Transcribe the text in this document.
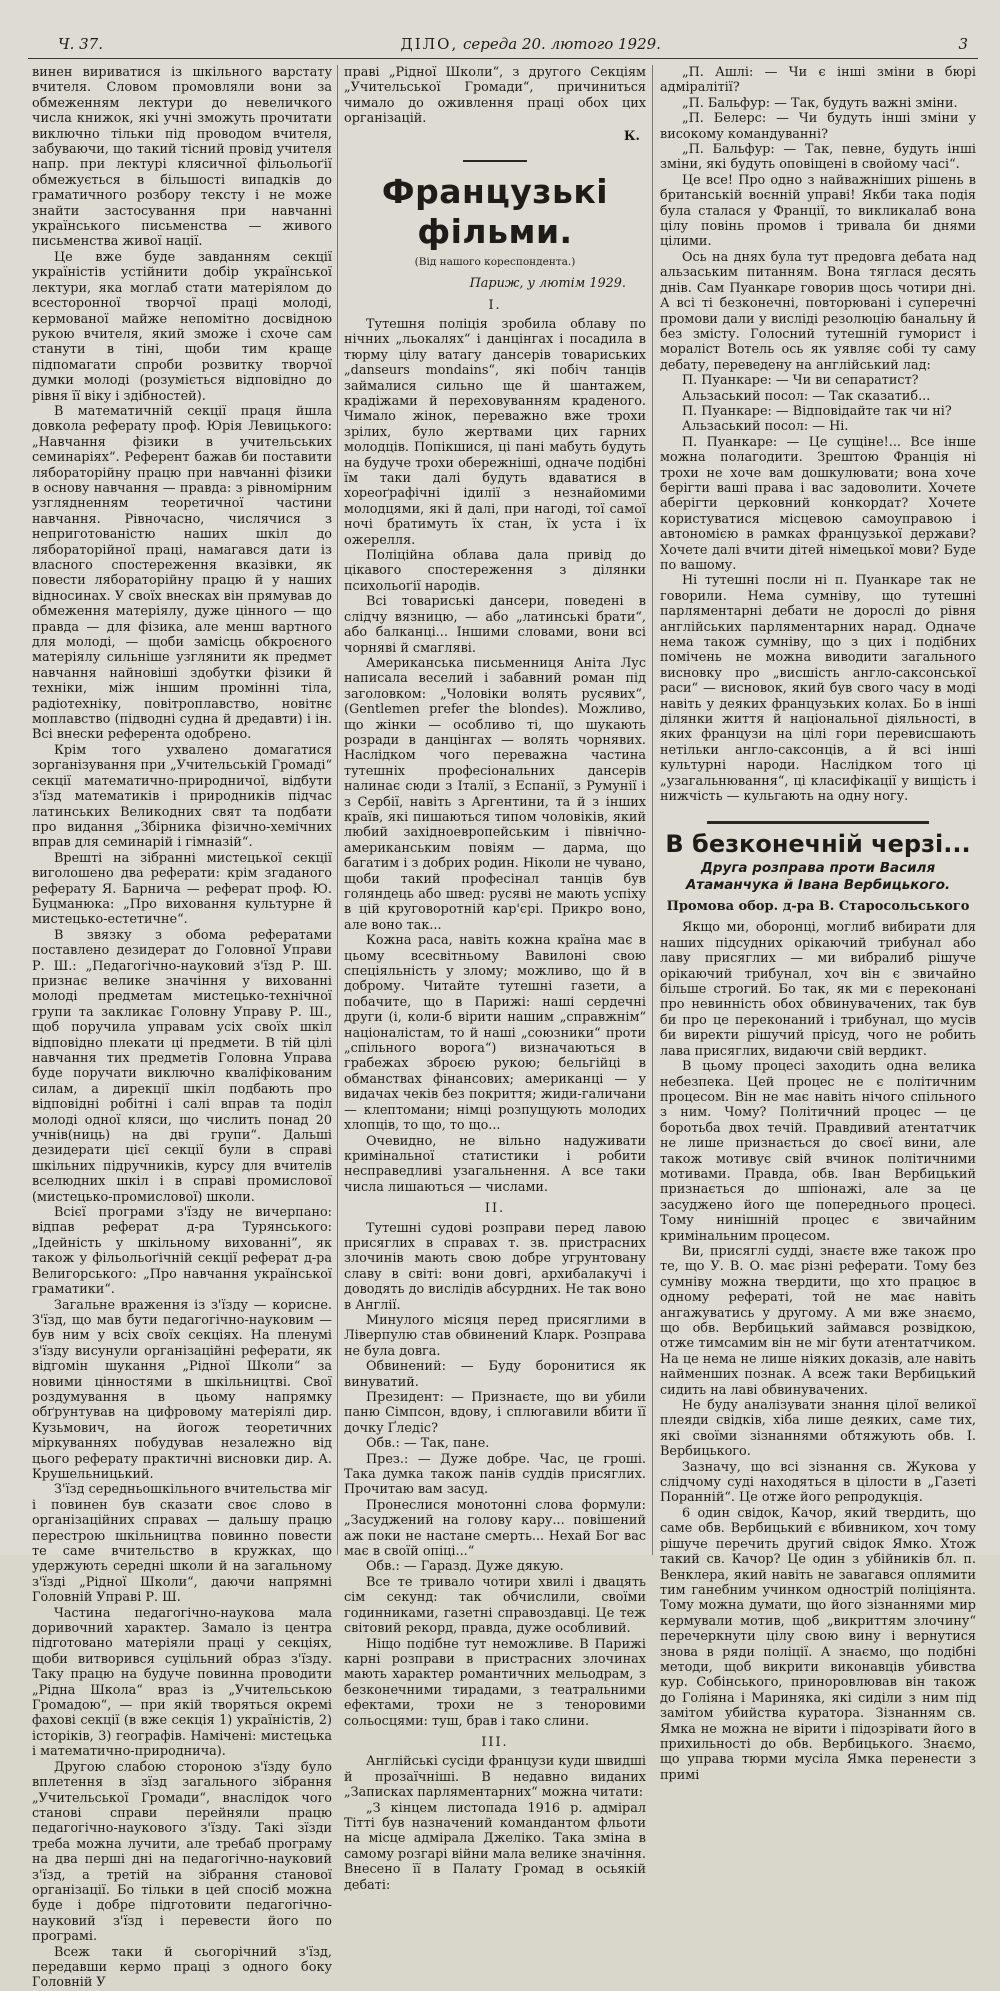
Ч. 37.	ДІЛО, середа 20. лютого 1929.	3

винен вириватися із шкільного варстату вчителя. Словом промовляли вони за обмеженням лектури до невеличкого числа книжок, які учні зможуть прочитати виключно тільки під проводом вчителя, забуваючи, що такий тісний провід учителя напр. при лектурі клясичної фільольоґії обмежується в більшості випадків до граматичного розбору тексту і не може знайти застосування при навчанні українського письменства — живого письменства живої нації.

Це вже буде завданням секції україністів устійнити добір української лектури, яка моглаб стати матеріялом до всесторонної творчої праці молоді, кермованої майже непомітно досвідною рукою вчителя, який зможе і схоче сам станути в тіні, щоби тим краще підпомагати спроби розвитку творчої думки молоді (розуміється відповідно до рівня її віку і здібностей).

В математичній секції праця йшла довкола реферату проф. Юрія Левицького: „Навчання фізики в учительських семинаріях“. Референт бажав би поставити ляборaторійну працю при навчанні фізики в основу навчання — правда: з рівномірним узглядненням теоретичної частини навчання. Рівночасно, числячися з неприготованістю наших шкіл до ляборaторійної праці, намагався дати із власного спостереження вказівки, як повести ляборaторійну працю й у наших відносинах. У своїх внесках він прямував до обмеження матеріялу, дуже цінного — що правда — для фізика, але менш вартного для молоді, — щоби замісць обкроєного матеріялу сильніше узглянити як предмет навчання найновіші здобутки фізики й техніки, між іншим промінні тіла, радіотехніку, повітроплавство, новітнє моплавство (підводні судна й дредавти) і ін. Всі внески референта одобрено.

Крім того ухвалено домагатися зорганізування при „Учительській Громаді“ секції математично-природничої, відбути з'їзд математиків і природників підчас латинських Великодних свят та подбати про видання „Збірника фізично-хемічних вправ для семинарій і гімназій“.

Врешті на зібранні мистецької секції виголошено два реферати: крім згаданого реферату Я. Барнича — реферат проф. Ю. Буцманюка: „Про виховання культурне й мистецько-естетичне“.

В звязку з обома рефератами поставлено дезидерат до Головної Управи Р. Ш.: „Педагогічно-науковий з'їзд Р. Ш. признає велике значіння у вихованні молоді предметам мистецько-технічної групи та закликає Головну Управу Р. Ш., щоб поручила управам усіх своїх шкіл відповідно плекати ці предмети. В тій цілі навчання тих предметів Головна Управа буде поручати виключно кваліфікованим силам, а дирекції шкіл подбають про відповідні робітні і салі вправ та поділ молоді одної кляси, що числить понад 20 учнів(ниць) на дві групи“. Дальші дезидерати цієї секції були в справі шкільних підручників, курсу для вчителів вселюдних шкіл і в справі промислової (мистецько-промислової) школи.

Всієї програми з'їзду не вичерпано: відпав реферат д-ра Турянського: „Ідейність у шкільному вихованні“, як також у фільольоґічній секції реферат д-ра Велигорського: „Про навчання української граматики“.

Загальне враження із з'їзду — корисне. З'їзд, що мав бути педагогічно-науковим — був ним у всіх своїх секціях. На пленумі з'їзду висунули організаційні реферати, як відгомін шукання „Рідної Школи“ за новими цінностями в шкільництві. Свої роздумування в цьому напрямку обґрунтував на цифровому матеріялі дир. Кузьмович, на йогож теоретичних міркуваннях побудував незалежно від цього реферату практичні висновки дир. А. Крушельницький.

З'їзд середньошкільного вчительства міг і повинен був сказати своє слово в організаційних справах — дальшу працю перестрою шкільництва повинно повести те саме вчительство в кружках, що удержують середні школи й на загальному з'їзді „Рідної Школи“, даючи напрямні Головній Управі Р. Ш.

Частина педагогічно-наукова мала доривочний характер. Замало із центра підготовано матеріяли праці у секціях, щоби витворився суцільний образ з'їзду. Таку працю на будуче повинна проводити „Рідна Школа“ враз із „Учительською Громадою“, — при якій творяться окремі фахові секції (в вже секція 1) україністів, 2) історіків, 3) географів. Намічені: мистецька і математично-природнича).

Другою слабою стороною з'їзду було вплетення в зїзд загального зібрання „Учительської Громади“, внаслідок чого становi справи перейняли працю педагогічно-наукового з'їзду. Такі зїзди треба можна лучити, але требаб програму на два перші дні на педагогічно-науковий з'їзд, а третій на зібрання станової організації. Бо тільки в цей спосіб можна буде і добре підготовити педагогічно-науковий з'їзд і перевести його по програмі.

Всеж таки й сьогорічний з'їзд, передавши кермо праці з одного боку Головній У

праві „Рідної Школи“, з другого Секціям „Учительської Громади“, причиниться чимало до оживлення праці обох цих організацій.

К.
Французькі фільми.
(Від нашого кореспондента.)
Париж, у лютім 1929.
I.

Тутешня поліція зробила облаву по нічних „льокалях“ і данцінгах і посадила в тюрму цілу ватагу дансерів товариських „danseurs mondains“, які побіч танців займалися сильно ще й шантажем, крадіжами й переховуванням краденого. Чимало жінок, переважно вже трохи зрілих, було жертвами цих гарних молодців. Попікшися, ці пані мабуть будуть на будуче трохи обережніші, одначе подібні їм таки далі будуть вдаватися в хореоґрафічні ідилії з незнайомими молодцями, які й далі, при нагоді, тої самої ночі братимуть їх стан, їх уста і їх ожерелля.

Поліційна облава дала привід до цікавого спостереження з ділянки психольоґії народів.

Всі товариські дансери, поведені в слідчу вязницю, — або „латинські брати“, або балканці... Іншими словами, вони всі чорняві й смагляві.

Американська письменниця Аніта Лус написала веселий і забавний роман під заголовком: „Чоловіки волять русявих“, (Gentlemen prefer the blondes). Можливо, що жінки — особливо ті, що шукають розради в данцінгах — волять чорнявих. Наслідком чого переважна частина тутешніх професіональних дансерів налинає сюди з Італії, з Еспанії, з Румунії і з Сербії, навіть з Аргентини, та й з інших країв, які пишаються типом чоловіків, який любий західноевропейським і північно-американським повіям — дарма, що багатим і з добрих родин. Ніколи не чувано, щоби такий професінал танців був голяндець або швед: русяві не мають успіху в цій круговоротній кар'єрі. Прикро воно, але воно так...

Кожна раса, навіть кожна країна має в цьому всесвітньому Вавилоні свою спеціяльність у злому; можливо, що й в доброму. Читайте тутешні газети, а побачите, що в Парижі: наші сердечні други (і, коли-б вірити нашим „справжнім“ націоналістам, то й наші „союзники“ проти „спільного ворога“) визначаються в грабежах зброєю рукою; бельгійці в обманствах фінансових; американці — у видачах чеків без покриття; жиди-галичани — клептомани; німці розпущують молодих хлопців, то що, то що...

Очевидно, не вільно надуживати кримінальної статистики і робити несправедливі узагальнення. А все таки числа лишаються — числами.

II.

Тутешні судові розправи перед лавою присяглих в справах т. зв. пристрасних злочинів мають свою добре угрунтовану славу в світі: вони довгі, архибалакучі і доводять до вислідів абсурдних. Не так воно в Англії.

Минулого місяця перед присяглими в Ліверпулю став обвинений Кларк. Розправа не була довга.

Обвинений: — Буду боронитися як винуватий.

Президент: — Признаєте, що ви убили паню Сімпсон, вдову, і сплюгавили вбити її дочку Ґледіс?

Обв.: — Так, пане.

През.: — Дуже добре. Час, це гроші. Така думка також панів суддів присяглих. Прочитаю вам засуд.

Пронеслися монотонні слова формули: „Засуджений на голову кару... повішений аж поки не настане смерть... Нехай Бог вас має в своїй опіці...“

Обв.: — Гаразд. Дуже дякую.

Все те тривало чотири хвилі і двацять сім секунд: так обчислили, своїми годинниками, газетні справоздавці. Це теж світовий рекорд, правда, дуже особливий.

Ніщо подібне тут неможливе. В Парижі карні розправи в пристрасних злочинах мають характер романтичних мельодрам, з безконечними тирадами, з театральними ефектами, трохи не з теноровими сольосцями: туш, брав і тако слини.

III.

Англійські сусіди французи куди швидші й прозаїчніші. В недавно виданих „Записках парляментарних“ можна читати:

„З кінцем листопада 1916 р. адмірал Тітті був назначений командантом фльоти на місце адмірала Джеліко. Така зміна в самому розгарі війни мала велике значіння. Внесено її в Палату Громад в осьякій дебаті:

„П. Ашлі: — Чи є інші зміни в бюрі адміралітії?

„П. Бальфур: — Так, будуть важні зміни.

„П. Белерс: — Чи будуть інші зміни у високому командуванні?

„П. Бальфур: — Так, певне, будуть інші зміни, які будуть оповіщені в свойому часі“.

Це все! Про одно з найважніших рішень в британській воєнній управі! Якби така подія була сталася у Франції, то викликалаб вона цілу повінь промов і тривала би днями цілими.

Ось на днях була тут предовга дебата над альзаським питанням. Вона тяглася десять днів. Сам Пуанкаре говорив щось чотири дні. А всі ті безконечні, повторювані і суперечні промови дали у висліді резолюцію банальну й без змісту. Голосний тутешній гуморист і мораліст Вотель ось як уявляє собі ту саму дебату, переведену на англійський лад:

П. Пуанкаре: — Чи ви сепаратист?

Альзаський посол: — Так сказатиб...

П. Пуанкаре: — Відповідайте так чи ні?

Альзаський посол: — Ні.

П. Пуанкаре: — Це сущіне!... Все інше можна полагодити. Зрештою Франція ні трохи не хоче вам дошкулювати; вона хоче берігти ваші права і вас задоволити. Хочете аберігти церковний конкордат? Хочете користуватися місцевою самоуправою і автономією в рамках французької держави? Хочете далі вчити дітей німецької мови? Буде по вашому.

Ні тутешні посли ні п. Пуанкаре так не говорили. Нема сумніву, що тутешні парляментарні дебати не дорослі до рівня англійських парляментарних нарад. Одначе нема також сумніву, що з цих і подібних помічень не можна виводити загального висновку про „висшість англо-саксонської раси“ — висновок, який був свого часу в моді навіть у деяких французьких колах. Бо в інші ділянки життя й національної діяльності, в яких французи на цілі гори перевисшають нетільки англо-саксонців, а й всі інші культурні народи. Наслідком того ці „узагальнювання“, ці класифікації у вищість і нижчість — кульгають на одну ногу.

В безконечній черзі...
Друга розправа проти Василя Атаманчука й Івана Вербицького.
Промова обор. д-ра В. Старосольського

Якщо ми, оборонці, моглиб вибирати для наших підсудних орікаючий трибунал або лаву присяглих — ми вибралиб рішуче орікаючий трибунал, хоч він є звичайно більше строгий. Бо так, як ми є переконані про невинність обох обвинувачених, так був би про це переконаний і трибунал, що мусів би виректи рішучий прісуд, чого не робить лава присяглих, видаючи свій вердикт.

В цьому процесі заходить одна велика небезпека. Цей процес не є політичним процесом. Він не має навіть нічого спільного з ним. Чому? Політичний процес — це боротьба двох течій. Правдивий атентатчик не лише признається до своєї вини, але також мотивує свій вчинок політичними мотивами. Правда, обв. Іван Вербицький признається до шпіонажі, але за це засуджено його ще попереднього процесі. Тому нинішній процес є звичайним кримінальним процесом.

Ви, присяглі судді, знаєте вже також про те, що У. В. О. має різні реферати. Тому без сумніву можна твердити, що хто працює в одному рефераті, той не має навіть ангажуватись у другому. А ми вже знаємо, що обв. Вербицький займався розвідкою, отже тимсамим він не міг бути атентатчиком. На це нема не лише ніяких доказів, але навіть найменших познак. А всеж таки Вербицький сидить на лаві обвинувачених.

Не буду аналізувати знання цілої великої плеяди свідків, хіба лише деяких, саме тих, які своїми зізнаннями обтяжують обв. І. Вербицького.

Зазначу, що всі зізнання св. Жукова у слідчому суді находяться в цілости в „Газеті Поранній“. Це отже його репродукція.

6 один свідок, Качор, який твердить, що саме обв. Вербицький є вбивником, хоч тому рішуче перечить другий свідок Ямко. Хтож такий св. Качор? Це один з убійників бл. п. Венклера, який навіть не завагався оплямити тим ганебним учинком однострій поліціянта. Тому можна думати, що його зізнаннями мир кермували мотив, щоб „викриттям злочину“ перечеркнути цілу свою вину і вернутися знова в ряди поліції. А знаємо, що подібні методи, щоб викрити виконавців убивства кур. Собінського, приноровлював він також до Голіяна і Мариняка, які сиділи з ним під замітом убийства куратора. Зізнанням св. Ямка не можна не вірити і підозрівати його в прихильності до обв. Вербицького. Знаємо, що управа тюрми мусіла Ямка перенести з примі
